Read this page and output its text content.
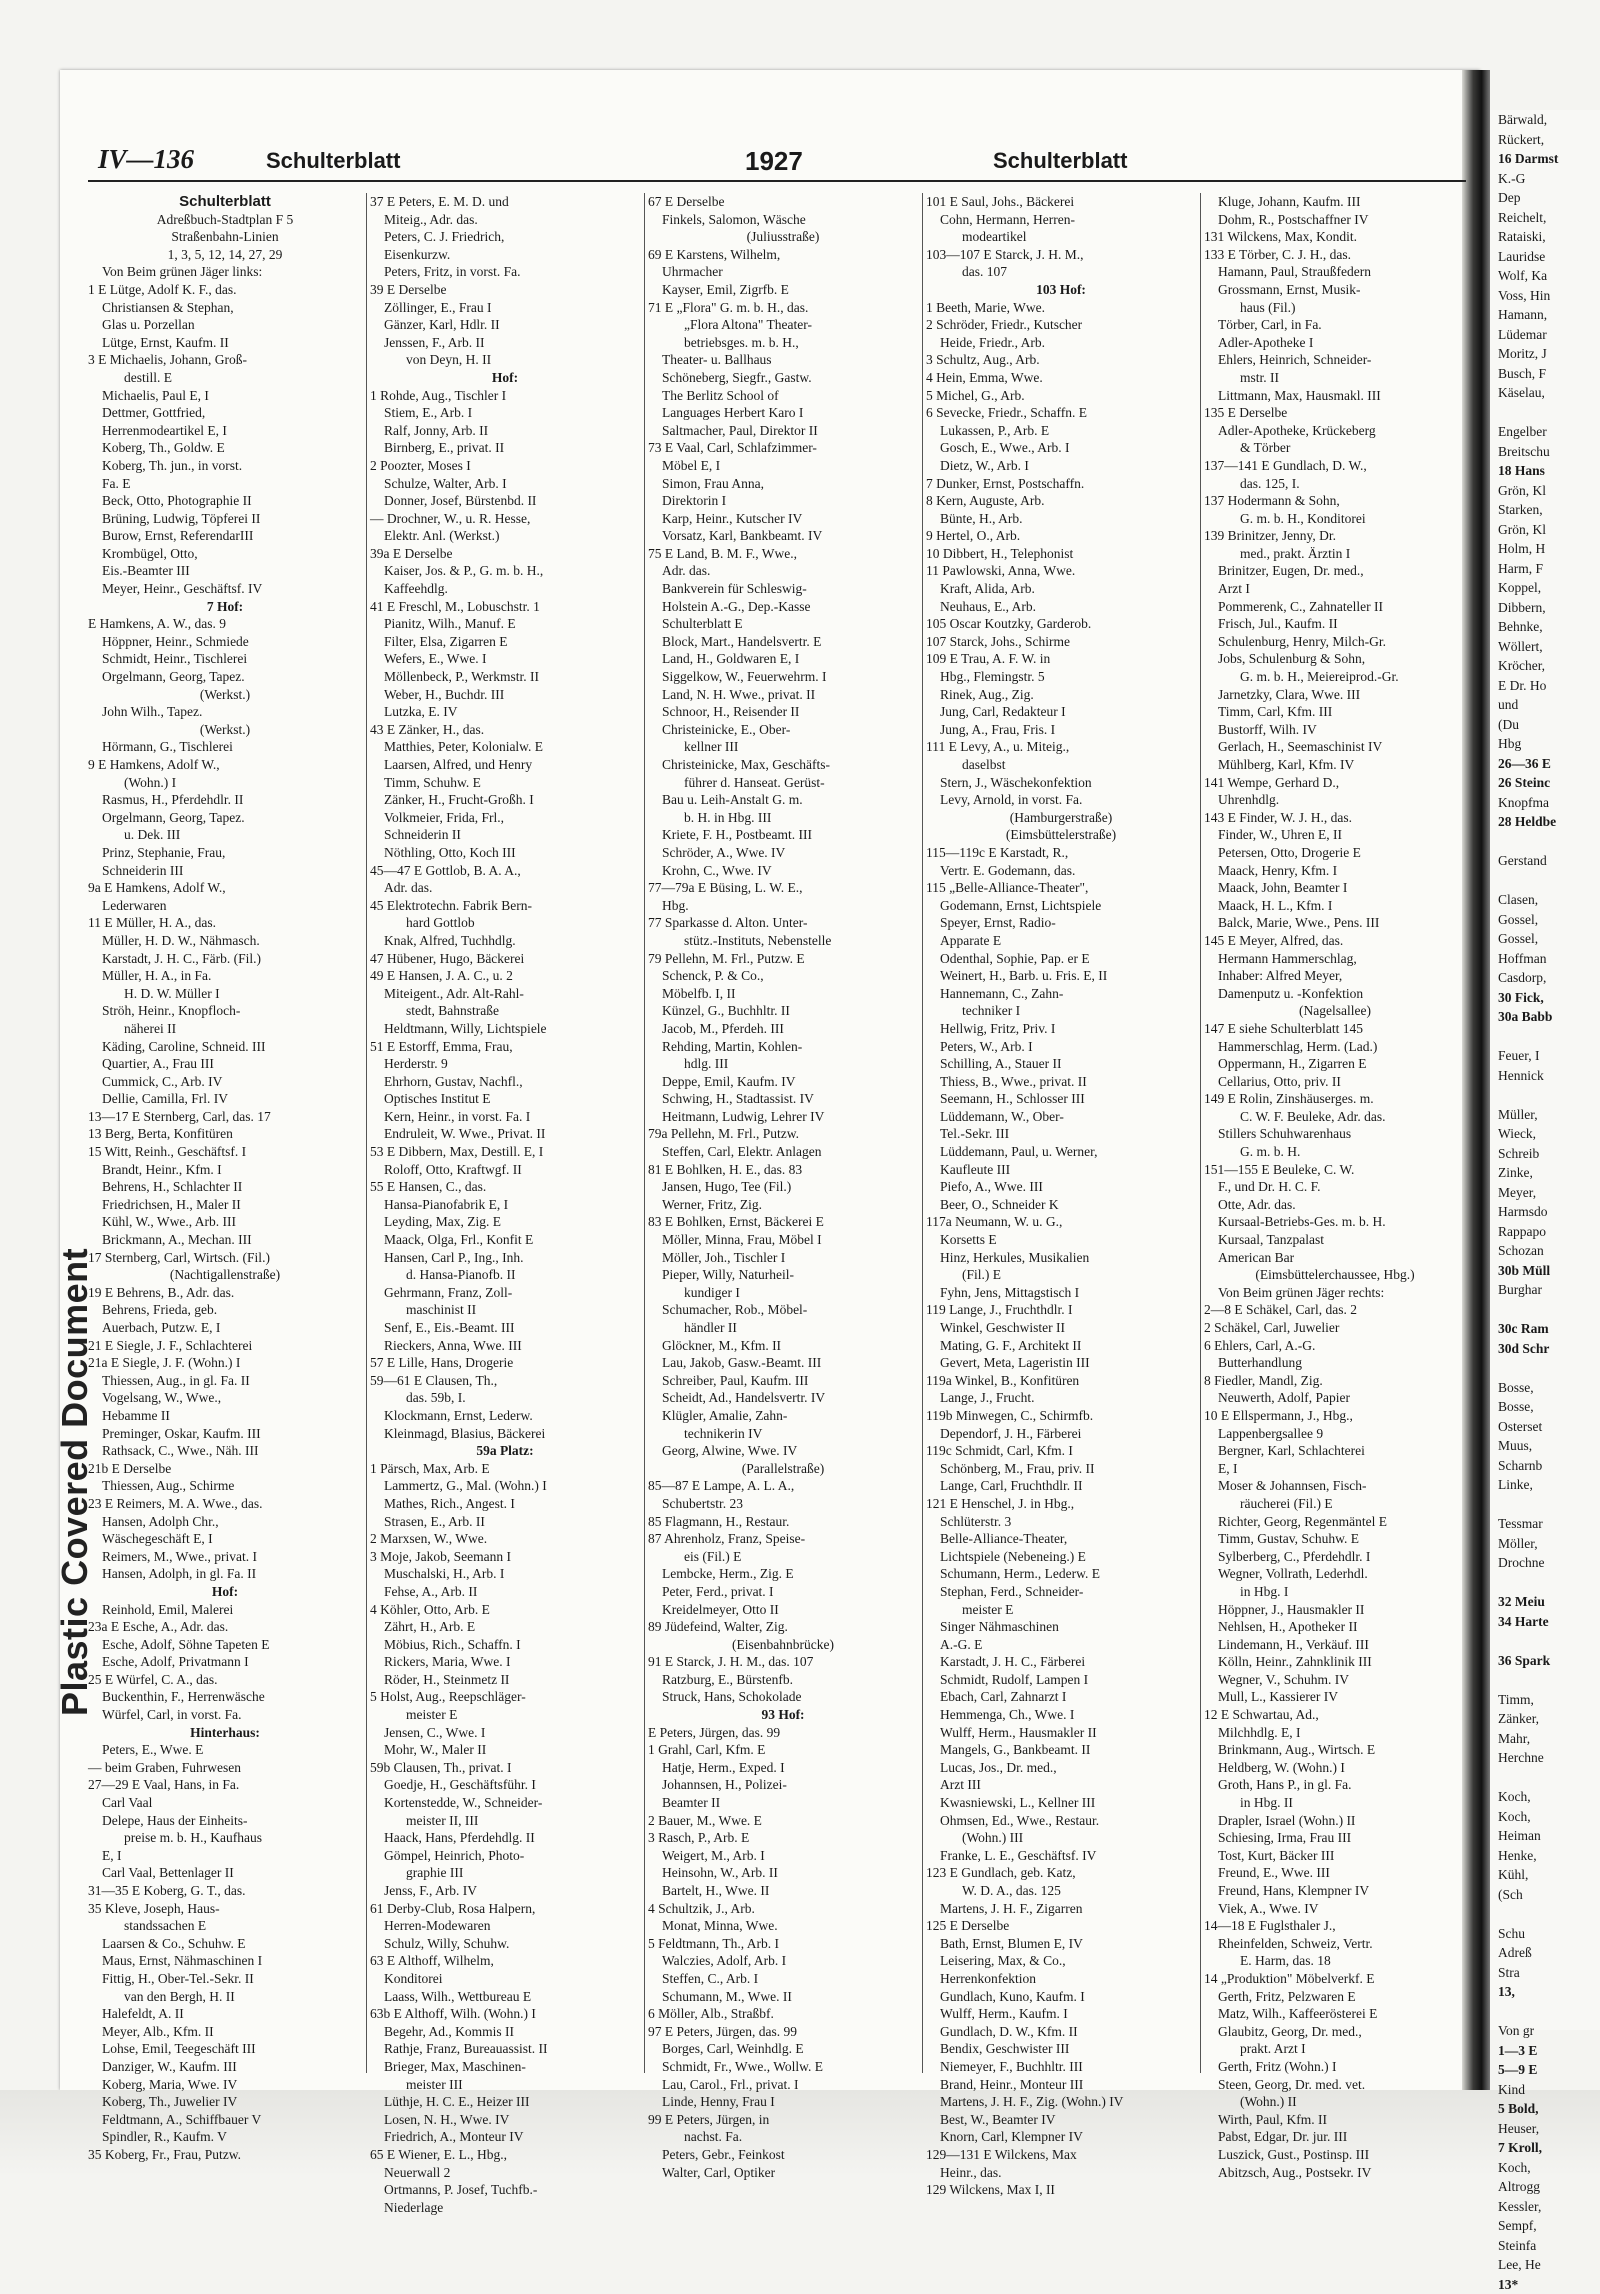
Plastic Covered Document
IV—136	Schulterblatt	1927	Schulterblatt
Schulterblatt
Adreßbuch-Stadtplan F 5
Straßenbahn-Linien
1, 3, 5, 12, 14, 27, 29
Von Beim grünen Jäger links:
1 E Lütge, Adolf K. F., das.
Christiansen & Stephan,
Glas u. Porzellan
Lütge, Ernst, Kaufm. II
3 E Michaelis, Johann, Groß-
destill. E
Michaelis, Paul E, I
Dettmer, Gottfried,
Herrenmodeartikel E, I
Koberg, Th., Goldw. E
Koberg, Th. jun., in vorst.
Fa. E
Beck, Otto, Photographie II
Brüning, Ludwig, Töpferei II
Burow, Ernst, ReferendarIII
Krombügel, Otto,
Eis.-Beamter III
Meyer, Heinr., Geschäftsf. IV
7 Hof:
E Hamkens, A. W., das. 9
Höppner, Heinr., Schmiede
Schmidt, Heinr., Tischlerei
Orgelmann, Georg, Tapez.
(Werkst.)
John Wilh., Tapez.
(Werkst.)
Hörmann, G., Tischlerei
9 E Hamkens, Adolf W.,
(Wohn.) I
Rasmus, H., Pferdehdlr. II
Orgelmann, Georg, Tapez.
u. Dek. III
Prinz, Stephanie, Frau,
Schneiderin III
9a E Hamkens, Adolf W.,
Lederwaren
11 E Müller, H. A., das.
Müller, H. D. W., Nähmasch.
Karstadt, J. H. C., Färb. (Fil.)
Müller, H. A., in Fa.
H. D. W. Müller I
Ströh, Heinr., Knopfloch-
näherei II
Käding, Caroline, Schneid. III
Quartier, A., Frau III
Cummick, C., Arb. IV
Dellie, Camilla, Frl. IV
13—17 E Sternberg, Carl, das. 17
13 Berg, Berta, Konfitüren
15 Witt, Reinh., Geschäftsf. I
Brandt, Heinr., Kfm. I
Behrens, H., Schlachter II
Friedrichsen, H., Maler II
Kühl, W., Wwe., Arb. III
Brickmann, A., Mechan. III
17 Sternberg, Carl, Wirtsch. (Fil.)
(Nachtigallenstraße)
19 E Behrens, B., Adr. das.
Behrens, Frieda, geb.
Auerbach, Putzw. E, I
21 E Siegle, J. F., Schlachterei
21a E Siegle, J. F. (Wohn.) I
Thiessen, Aug., in gl. Fa. II
Vogelsang, W., Wwe.,
Hebamme II
Preminger, Oskar, Kaufm. III
Rathsack, C., Wwe., Näh. III
21b E Derselbe
Thiessen, Aug., Schirme
23 E Reimers, M. A. Wwe., das.
Hansen, Adolph Chr.,
Wäschegeschäft E, I
Reimers, M., Wwe., privat. I
Hansen, Adolph, in gl. Fa. II
Hof:
Reinhold, Emil, Malerei
23a E Esche, A., Adr. das.
Esche, Adolf, Söhne Tapeten E
Esche, Adolf, Privatmann I
25 E Würfel, C. A., das.
Buckenthin, F., Herrenwäsche
Würfel, Carl, in vorst. Fa.
Hinterhaus:
Peters, E., Wwe. E
— beim Graben, Fuhrwesen
27—29 E Vaal, Hans, in Fa.
Carl Vaal
Delepe, Haus der Einheits-
preise m. b. H., Kaufhaus
E, I
Carl Vaal, Bettenlager II
31—35 E Koberg, G. T., das.
35 Kleve, Joseph, Haus-
standssachen E
Laarsen & Co., Schuhw. E
Maus, Ernst, Nähmaschinen I
Fittig, H., Ober-Tel.-Sekr. II
van den Bergh, H. II
Halefeldt, A. II
Meyer, Alb., Kfm. II
Lohse, Emil, Teegeschäft III
Danziger, W., Kaufm. III
Koberg, Maria, Wwe. IV
Koberg, Th., Juwelier IV
Feldtmann, A., Schiffbauer V
Spindler, R., Kaufm. V
35 Koberg, Fr., Frau, Putzw.
37 E Peters, E. M. D. und
Miteig., Adr. das.
Peters, C. J. Friedrich,
Eisenkurzw.
Peters, Fritz, in vorst. Fa.
39 E Derselbe
Zöllinger, E., Frau I
Gänzer, Karl, Hdlr. II
Jenssen, F., Arb. II
von Deyn, H. II
Hof:
1 Rohde, Aug., Tischler I
Stiem, E., Arb. I
Ralf, Jonny, Arb. II
Birnberg, E., privat. II
2 Poozter, Moses I
Schulze, Walter, Arb. I
Donner, Josef, Bürstenbd. II
— Drochner, W., u. R. Hesse,
Elektr. Anl. (Werkst.)
39a E Derselbe
Kaiser, Jos. & P., G. m. b. H.,
Kaffeehdlg.
41 E Freschl, M., Lobuschstr. 1
Pianitz, Wilh., Manuf. E
Filter, Elsa, Zigarren E
Wefers, E., Wwe. I
Möllenbeck, P., Werkmstr. II
Weber, H., Buchdr. III
Lutzka, E. IV
43 E Zänker, H., das.
Matthies, Peter, Kolonialw. E
Laarsen, Alfred, und Henry
Timm, Schuhw. E
Zänker, H., Frucht-Großh. I
Volkmeier, Frida, Frl.,
Schneiderin II
Nöthling, Otto, Koch III
45—47 E Gottlob, B. A. A.,
Adr. das.
45 Elektrotechn. Fabrik Bern-
hard Gottlob
Knak, Alfred, Tuchhdlg.
47 Hübener, Hugo, Bäckerei
49 E Hansen, J. A. C., u. 2
Miteigent., Adr. Alt-Rahl-
stedt, Bahnstraße
Heldtmann, Willy, Lichtspiele
51 E Estorff, Emma, Frau,
Herderstr. 9
Ehrhorn, Gustav, Nachfl.,
Optisches Institut E
Kern, Heinr., in vorst. Fa. I
Endruleit, W. Wwe., Privat. II
53 E Dibbern, Max, Destill. E, I
Roloff, Otto, Kraftwgf. II
55 E Hansen, C., das.
Hansa-Pianofabrik E, I
Leyding, Max, Zig. E
Maack, Olga, Frl., Konfit E
Hansen, Carl P., Ing., Inh.
d. Hansa-Pianofb. II
Gehrmann, Franz, Zoll-
maschinist II
Senf, E., Eis.-Beamt. III
Rieckers, Anna, Wwe. III
57 E Lille, Hans, Drogerie
59—61 E Clausen, Th.,
das. 59b, I.
Klockmann, Ernst, Lederw.
Kleinmagd, Blasius, Bäckerei
59a Platz:
1 Pärsch, Max, Arb. E
Lammertz, G., Mal. (Wohn.) I
Mathes, Rich., Angest. I
Strasen, E., Arb. II
2 Marxsen, W., Wwe.
3 Moje, Jakob, Seemann I
Muschalski, H., Arb. I
Fehse, A., Arb. II
4 Köhler, Otto, Arb. E
Zährt, H., Arb. E
Möbius, Rich., Schaffn. I
Rickers, Maria, Wwe. I
Röder, H., Steinmetz II
5 Holst, Aug., Reepschläger-
meister E
Jensen, C., Wwe. I
Mohr, W., Maler II
59b Clausen, Th., privat. I
Goedje, H., Geschäftsführ. I
Kortenstedde, W., Schneider-
meister II, III
Haack, Hans, Pferdehdlg. II
Gömpel, Heinrich, Photo-
graphie III
Jenss, F., Arb. IV
61 Derby-Club, Rosa Halpern,
Herren-Modewaren
Schulz, Willy, Schuhw.
63 E Althoff, Wilhelm,
Konditorei
Laass, Wilh., Wettbureau E
63b E Althoff, Wilh. (Wohn.) I
Begehr, Ad., Kommis II
Rathje, Franz, Bureauassist. II
Brieger, Max, Maschinen-
meister III
Lüthje, H. C. E., Heizer III
Losen, N. H., Wwe. IV
Friedrich, A., Monteur IV
65 E Wiener, E. L., Hbg.,
Neuerwall 2
Ortmanns, P. Josef, Tuchfb.-
Niederlage
67 E Derselbe
Finkels, Salomon, Wäsche
(Juliusstraße)
69 E Karstens, Wilhelm,
Uhrmacher
Kayser, Emil, Zigrfb. E
71 E „Flora" G. m. b. H., das.
„Flora Altona" Theater-
betriebsges. m. b. H.,
Theater- u. Ballhaus
Schöneberg, Siegfr., Gastw.
The Berlitz School of
Languages Herbert Karo I
Saltmacher, Paul, Direktor II
73 E Vaal, Carl, Schlafzimmer-
Möbel E, I
Simon, Frau Anna,
Direktorin I
Karp, Heinr., Kutscher IV
Vorsatz, Karl, Bankbeamt. IV
75 E Land, B. M. F., Wwe.,
Adr. das.
Bankverein für Schleswig-
Holstein A.-G., Dep.-Kasse
Schulterblatt E
Block, Mart., Handelsvertr. E
Land, H., Goldwaren E, I
Siggelkow, W., Feuerwehrm. I
Land, N. H. Wwe., privat. II
Schnoor, H., Reisender II
Christeinicke, E., Ober-
kellner III
Christeinicke, Max, Geschäfts-
führer d. Hanseat. Gerüst-
Bau u. Leih-Anstalt G. m.
b. H. in Hbg. III
Kriete, F. H., Postbeamt. III
Schröder, A., Wwe. IV
Krohn, C., Wwe. IV
77—79a E Büsing, L. W. E.,
Hbg.
77 Sparkasse d. Alton. Unter-
stütz.-Instituts, Nebenstelle
79 Pellehn, M. Frl., Putzw. E
Schenck, P. & Co.,
Möbelfb. I, II
Künzel, G., Buchhltr. II
Jacob, M., Pferdeh. III
Rehding, Martin, Kohlen-
hdlg. III
Deppe, Emil, Kaufm. IV
Schwing, H., Stadtassist. IV
Heitmann, Ludwig, Lehrer IV
79a Pellehn, M. Frl., Putzw.
Steffen, Carl, Elektr. Anlagen
81 E Bohlken, H. E., das. 83
Jansen, Hugo, Tee (Fil.)
Werner, Fritz, Zig.
83 E Bohlken, Ernst, Bäckerei E
Möller, Minna, Frau, Möbel I
Möller, Joh., Tischler I
Pieper, Willy, Naturheil-
kundiger I
Schumacher, Rob., Möbel-
händler II
Glöckner, M., Kfm. II
Lau, Jakob, Gasw.-Beamt. III
Schreiber, Paul, Kaufm. III
Scheidt, Ad., Handelsvertr. IV
Klügler, Amalie, Zahn-
technikerin IV
Georg, Alwine, Wwe. IV
(Parallelstraße)
85—87 E Lampe, A. L. A.,
Schubertstr. 23
85 Flagmann, H., Restaur.
87 Ahrenholz, Franz, Speise-
eis (Fil.) E
Lembcke, Herm., Zig. E
Peter, Ferd., privat. I
Kreidelmeyer, Otto II
89 Jüdefeind, Walter, Zig.
(Eisenbahnbrücke)
91 E Starck, J. H. M., das. 107
Ratzburg, E., Bürstenfb.
Struck, Hans, Schokolade
93 Hof:
E Peters, Jürgen, das. 99
1 Grahl, Carl, Kfm. E
Hatje, Herm., Exped. I
Johannsen, H., Polizei-
Beamter II
2 Bauer, M., Wwe. E
3 Rasch, P., Arb. E
Weigert, M., Arb. I
Heinsohn, W., Arb. II
Bartelt, H., Wwe. II
4 Schultzik, J., Arb.
Monat, Minna, Wwe.
5 Feldtmann, Th., Arb. I
Walczies, Adolf, Arb. I
Steffen, C., Arb. I
Schumann, M., Wwe. II
6 Möller, Alb., Straßbf.
97 E Peters, Jürgen, das. 99
Borges, Carl, Weinhdlg. E
Schmidt, Fr., Wwe., Wollw. E
Lau, Carol., Frl., privat. I
Linde, Henny, Frau I
99 E Peters, Jürgen, in
nachst. Fa.
Peters, Gebr., Feinkost
Walter, Carl, Optiker
101 E Saul, Johs., Bäckerei
Cohn, Hermann, Herren-
modeartikel
103—107 E Starck, J. H. M.,
das. 107
103 Hof:
1 Beeth, Marie, Wwe.
2 Schröder, Friedr., Kutscher
Heide, Friedr., Arb.
3 Schultz, Aug., Arb.
4 Hein, Emma, Wwe.
5 Michel, G., Arb.
6 Sevecke, Friedr., Schaffn. E
Lukassen, P., Arb. E
Gosch, E., Wwe., Arb. I
Dietz, W., Arb. I
7 Dunker, Ernst, Postschaffn.
8 Kern, Auguste, Arb.
Bünte, H., Arb.
9 Hertel, O., Arb.
10 Dibbert, H., Telephonist
11 Pawlowski, Anna, Wwe.
Kraft, Alida, Arb.
Neuhaus, E., Arb.
105 Oscar Koutzky, Garderob.
107 Starck, Johs., Schirme
109 E Trau, A. F. W. in
Hbg., Flemingstr. 5
Rinek, Aug., Zig.
Jung, Carl, Redakteur I
Jung, A., Frau, Fris. I
111 E Levy, A., u. Miteig.,
daselbst
Stern, J., Wäschekonfektion
Levy, Arnold, in vorst. Fa.
(Hamburgerstraße)
(Eimsbüttelerstraße)
115—119c E Karstadt, R.,
Vertr. E. Godemann, das.
115 „Belle-Alliance-Theater",
Godemann, Ernst, Lichtspiele
Speyer, Ernst, Radio-
Apparate E
Odenthal, Sophie, Pap. er E
Weinert, H., Barb. u. Fris. E, II
Hannemann, C., Zahn-
techniker I
Hellwig, Fritz, Priv. I
Peters, W., Arb. I
Schilling, A., Stauer II
Thiess, B., Wwe., privat. II
Seemann, H., Schlosser III
Lüddemann, W., Ober-
Tel.-Sekr. III
Lüddemann, Paul, u. Werner,
Kaufleute III
Piefo, A., Wwe. III
Beer, O., Schneider K
117a Neumann, W. u. G.,
Korsetts E
Hinz, Herkules, Musikalien
(Fil.) E
Fyhn, Jens, Mittagstisch I
119 Lange, J., Fruchthdlr. I
Winkel, Geschwister II
Mating, G. F., Architekt II
Gevert, Meta, Lageristin III
119a Winkel, B., Konfitüren
Lange, J., Frucht.
119b Minwegen, C., Schirmfb.
Dependorf, J. H., Färberei
119c Schmidt, Carl, Kfm. I
Schönberg, M., Frau, priv. II
Lange, Carl, Fruchthdlr. II
121 E Henschel, J. in Hbg.,
Schlüterstr. 3
Belle-Alliance-Theater,
Lichtspiele (Nebeneing.) E
Schumann, Herm., Lederw. E
Stephan, Ferd., Schneider-
meister E
Singer Nähmaschinen
A.-G. E
Karstadt, J. H. C., Färberei
Schmidt, Rudolf, Lampen I
Ebach, Carl, Zahnarzt I
Hemmenga, Ch., Wwe. I
Wulff, Herm., Hausmakler II
Mangels, G., Bankbeamt. II
Lucas, Jos., Dr. med.,
Arzt III
Kwasniewski, L., Kellner III
Ohmsen, Ed., Wwe., Restaur.
(Wohn.) III
Franke, L. E., Geschäftsf. IV
123 E Gundlach, geb. Katz,
W. D. A., das. 125
Martens, J. H. F., Zigarren
125 E Derselbe
Bath, Ernst, Blumen E, IV
Leisering, Max, & Co.,
Herrenkonfektion
Gundlach, Kuno, Kaufm. I
Wulff, Herm., Kaufm. I
Gundlach, D. W., Kfm. II
Bendix, Geschwister III
Niemeyer, F., Buchhltr. III
Brand, Heinr., Monteur III
Martens, J. H. F., Zig. (Wohn.) IV
Best, W., Beamter IV
Knorn, Carl, Klempner IV
129—131 E Wilckens, Max
Heinr., das.
129 Wilckens, Max I, II
Kluge, Johann, Kaufm. III
Dohm, R., Postschaffner IV
131 Wilckens, Max, Kondit.
133 E Törber, C. J. H., das.
Hamann, Paul, Straußfedern
Grossmann, Ernst, Musik-
haus (Fil.)
Törber, Carl, in Fa.
Adler-Apotheke I
Ehlers, Heinrich, Schneider-
mstr. II
Littmann, Max, Hausmakl. III
135 E Derselbe
Adler-Apotheke, Krückeberg
& Törber
137—141 E Gundlach, D. W.,
das. 125, I.
137 Hodermann & Sohn,
G. m. b. H., Konditorei
139 Brinitzer, Jenny, Dr.
med., prakt. Ärztin I
Brinitzer, Eugen, Dr. med.,
Arzt I
Pommerenk, C., Zahnateller II
Frisch, Jul., Kaufm. II
Schulenburg, Henry, Milch-Gr.
Jobs, Schulenburg & Sohn,
G. m. b. H., Meiereiprod.-Gr.
Jarnetzky, Clara, Wwe. III
Timm, Carl, Kfm. III
Bustorff, Wilh. IV
Gerlach, H., Seemaschinist IV
Mühlberg, Karl, Kfm. IV
141 Wempe, Gerhard D.,
Uhrenhdlg.
143 E Finder, W. J. H., das.
Finder, W., Uhren E, II
Petersen, Otto, Drogerie E
Maack, Henry, Kfm. I
Maack, John, Beamter I
Maack, H. L., Kfm. I
Balck, Marie, Wwe., Pens. III
145 E Meyer, Alfred, das.
Hermann Hammerschlag,
Inhaber: Alfred Meyer,
Damenputz u. -Konfektion
(Nagelsallee)
147 E siehe Schulterblatt 145
Hammerschlag, Herm. (Lad.)
Oppermann, H., Zigarren E
Cellarius, Otto, priv. II
149 E Rolin, Zinshäuserges. m.
C. W. F. Beuleke, Adr. das.
Stillers Schuhwarenhaus
G. m. b. H.
151—155 E Beuleke, C. W.
F., und Dr. H. C. F.
Otte, Adr. das.
Kursaal-Betriebs-Ges. m. b. H.
Kursaal, Tanzpalast
American Bar
(Eimsbüttelerchaussee, Hbg.)
Von Beim grünen Jäger rechts:
2—8 E Schäkel, Carl, das. 2
2 Schäkel, Carl, Juwelier
6 Ehlers, Carl, A.-G.
Butterhandlung
8 Fiedler, Mandl, Zig.
Neuwerth, Adolf, Papier
10 E Ellspermann, J., Hbg.,
Lappenbergsallee 9
Bergner, Karl, Schlachterei
E, I
Moser & Johannsen, Fisch-
räucherei (Fil.) E
Richter, Georg, Regenmäntel E
Timm, Gustav, Schuhw. E
Sylberberg, C., Pferdehdlr. I
Wegner, Vollrath, Lederhdl.
in Hbg. I
Höppner, J., Hausmakler II
Nehlsen, H., Apotheker II
Lindemann, H., Verkäuf. III
Kölln, Heinr., Zahnklinik III
Wegner, V., Schuhm. IV
Mull, L., Kassierer IV
12 E Schwartau, Ad.,
Milchhdlg. E, I
Brinkmann, Aug., Wirtsch. E
Heldberg, W. (Wohn.) I
Groth, Hans P., in gl. Fa.
in Hbg. II
Drapler, Israel (Wohn.) II
Schiesing, Irma, Frau III
Tost, Kurt, Bäcker III
Freund, E., Wwe. III
Freund, Hans, Klempner IV
Viek, A., Wwe. IV
14—18 E Fuglsthaler J.,
Rheinfelden, Schweiz, Vertr.
E. Harm, das. 18
14 „Produktion" Möbelverkf. E
Gerth, Fritz, Pelzwaren E
Matz, Wilh., Kaffeerösterei E
Glaubitz, Georg, Dr. med.,
prakt. Arzt I
Gerth, Fritz (Wohn.) I
Steen, Georg, Dr. med. vet.
(Wohn.) II
Wirth, Paul, Kfm. II
Pabst, Edgar, Dr. jur. III
Luszick, Gust., Postinsp. III
Abitzsch, Aug., Postsekr. IV
Bärwald,
Rückert,
16 Darmst
K.-G
Dep
Reichelt,
Rataiski,
Lauridse
Wolf, Ka
Voss, Hin
Hamann,
Lüdemar
Moritz, J
Busch, F
Käselau,

Engelber
Breitschu
18 Hans
Grön, Kl
Starken,
Grön, Kl
Holm, H
Harm, F
Koppel,
Dibbern,
Behnke,
Wöllert,
Kröcher,
E Dr. Ho
und
(Du
Hbg
26—36 E
26 Steinc
Knopfma
28 Heldbe

Gerstand

Clasen,
Gossel,
Gossel,
Hoffman
Casdorp,
30 Fick,
30a Babb

Feuer, I
Hennick

Müller,
Wieck,
Schreib
Zinke,
Meyer,
Harmsdo
Rappapo
Schozan
30b Müll
Burghar

30c Ram
30d Schr

Bosse,
Bosse,
Osterset
Muus,
Scharnb
Linke,

Tessmar
Möller,
Drochne

32 Meiu
34 Harte

36 Spark

Timm,
Zänker,
Mahr,
Herchne

Koch,
Koch,
Heiman
Henke,
Kühl,
(Sch

Schu
Adreß
Stra
13,

Von gr
1—3 E
5—9 E
Kind
5 Bold,
Heuser,
7 Kroll,
Koch,
Altrogg
Kessler,
Sempf,
Steinfa
Lee, He
13*
